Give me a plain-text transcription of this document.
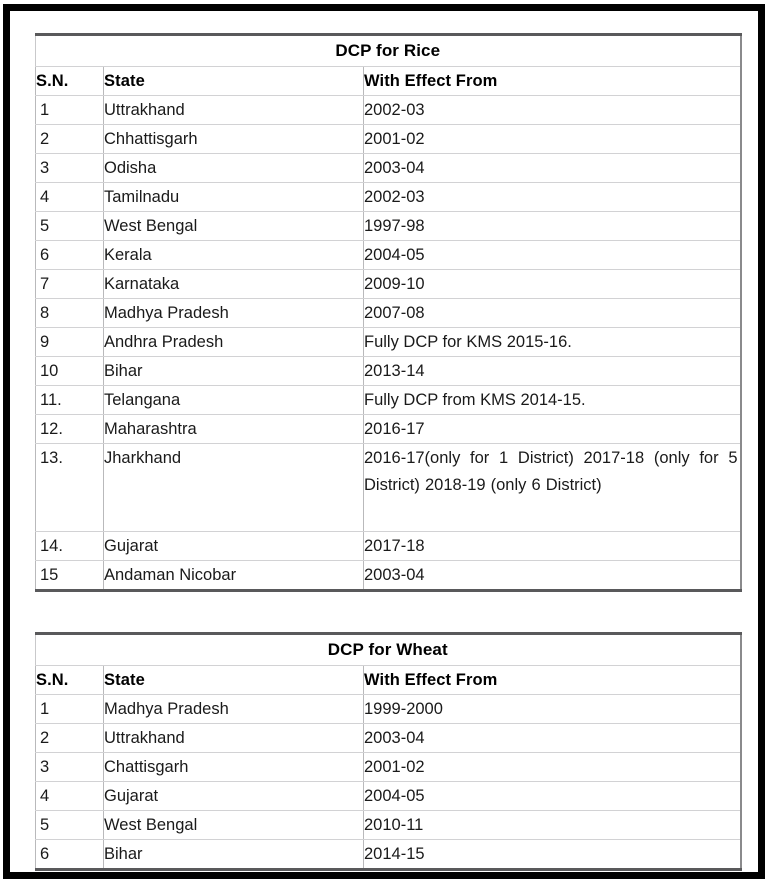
DCP for Rice		
S.N.	State	With Effect From
1	Uttrakhand	2002-03
2	Chhattisgarh	2001-02
3	Odisha	2003-04
4	Tamilnadu	2002-03
5	West Bengal	1997-98
6	Kerala	2004-05
7	Karnataka	2009-10
8	Madhya Pradesh	2007-08
9	Andhra Pradesh	Fully DCP for KMS 2015-16.
10	Bihar	2013-14
11.	Telangana	Fully DCP from KMS 2014-15.
12.	Maharashtra	2016-17
13.	Jharkhand	2016-17(only for 1 District) 2017-18 (only for 5 District) 2018-19 (only 6 District)
14.	Gujarat	2017-18
15	Andaman Nicobar	2003-04
DCP for Wheat		
S.N.	State	With Effect From
1	Madhya Pradesh	1999-2000
2	Uttrakhand	2003-04
3	Chattisgarh	2001-02
4	Gujarat	2004-05
5	West Bengal	2010-11
6	Bihar	2014-15
